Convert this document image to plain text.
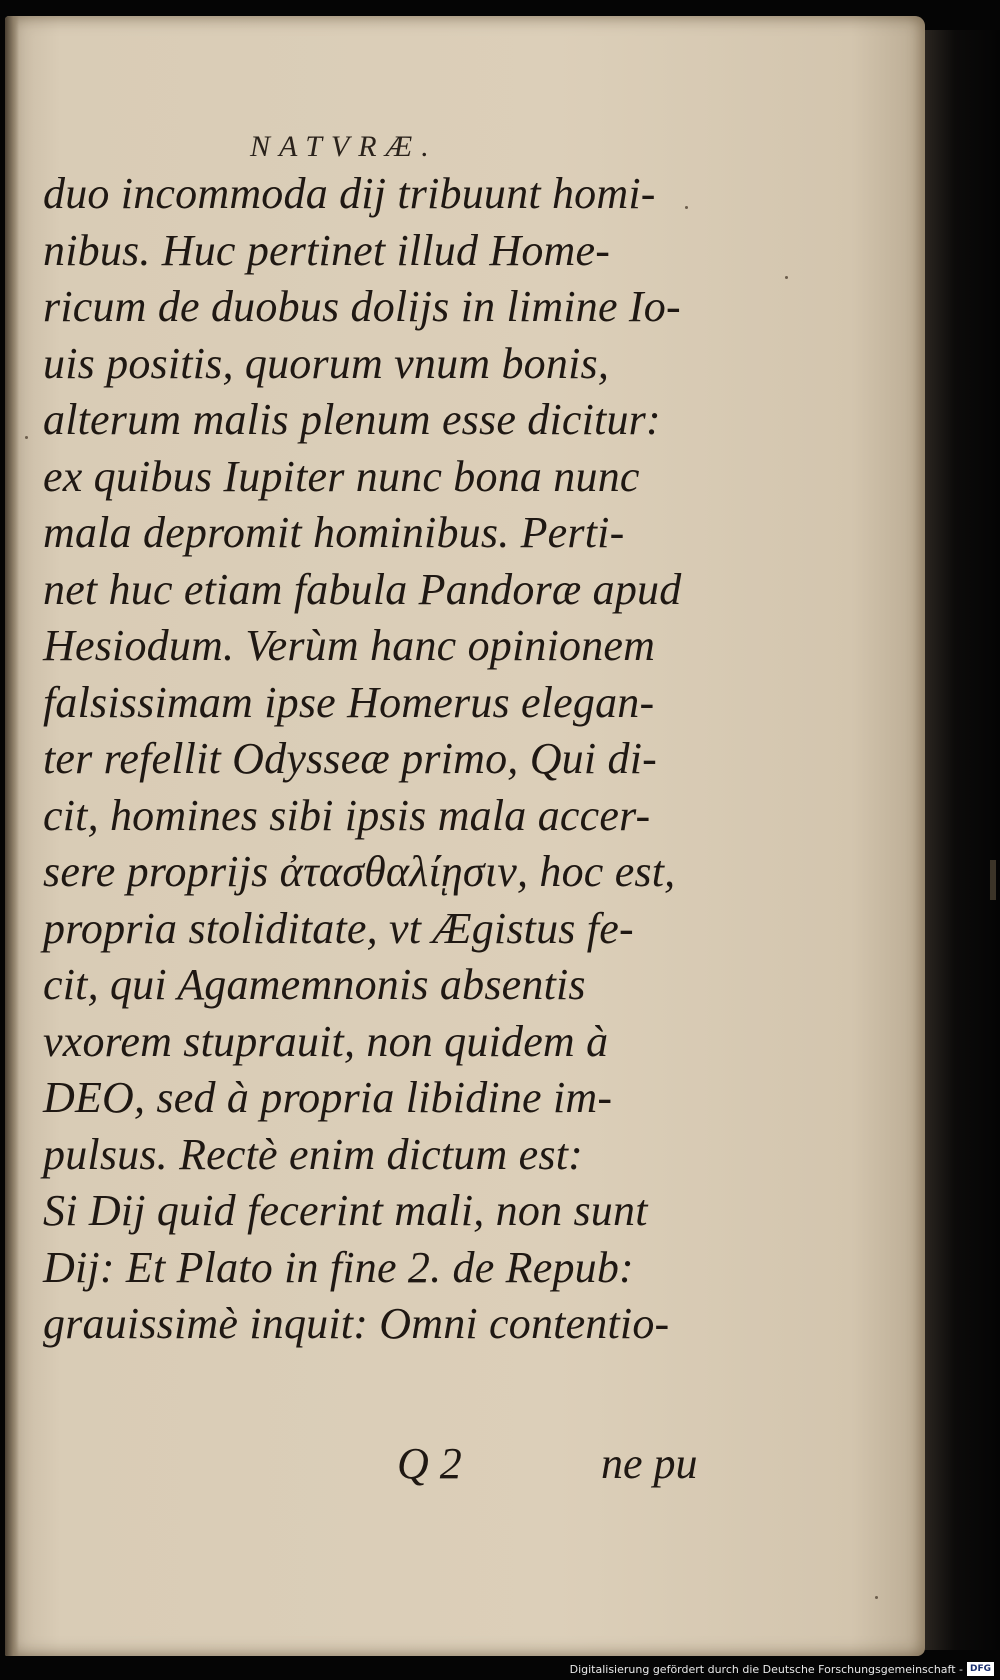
NATVRÆ.
duo incommoda dij tribuunt homi-
nibus. Huc pertinet illud Home-
ricum de duobus dolijs in limine Io-
uis positis, quorum vnum bonis,
alterum malis plenum esse dicitur:
ex quibus Iupiter nunc bona nunc
mala depromit hominibus. Perti-
net huc etiam fabula Pandoræ apud
Hesiodum. Verùm hanc opinionem
falsissimam ipse Homerus elegan-
ter refellit Odysseæ primo, Qui di-
cit, homines sibi ipsis mala accer-
sere proprijs ἀτασθαλίῃσιν, hoc est,
propria stoliditate, vt Ægistus fe-
cit, qui Agamemnonis absentis
vxorem stuprauit, non quidem à
DEO, sed à propria libidine im-
pulsus. Rectè enim dictum est:
Si Dij quid fecerint mali, non sunt
Dij: Et Plato in fine 2. de Repub:
grauissimè inquit: Omni contentio-
Q 2	ne pu
Digitalisierung gefördert durch die Deutsche Forschungsgemeinschaft - DFG
